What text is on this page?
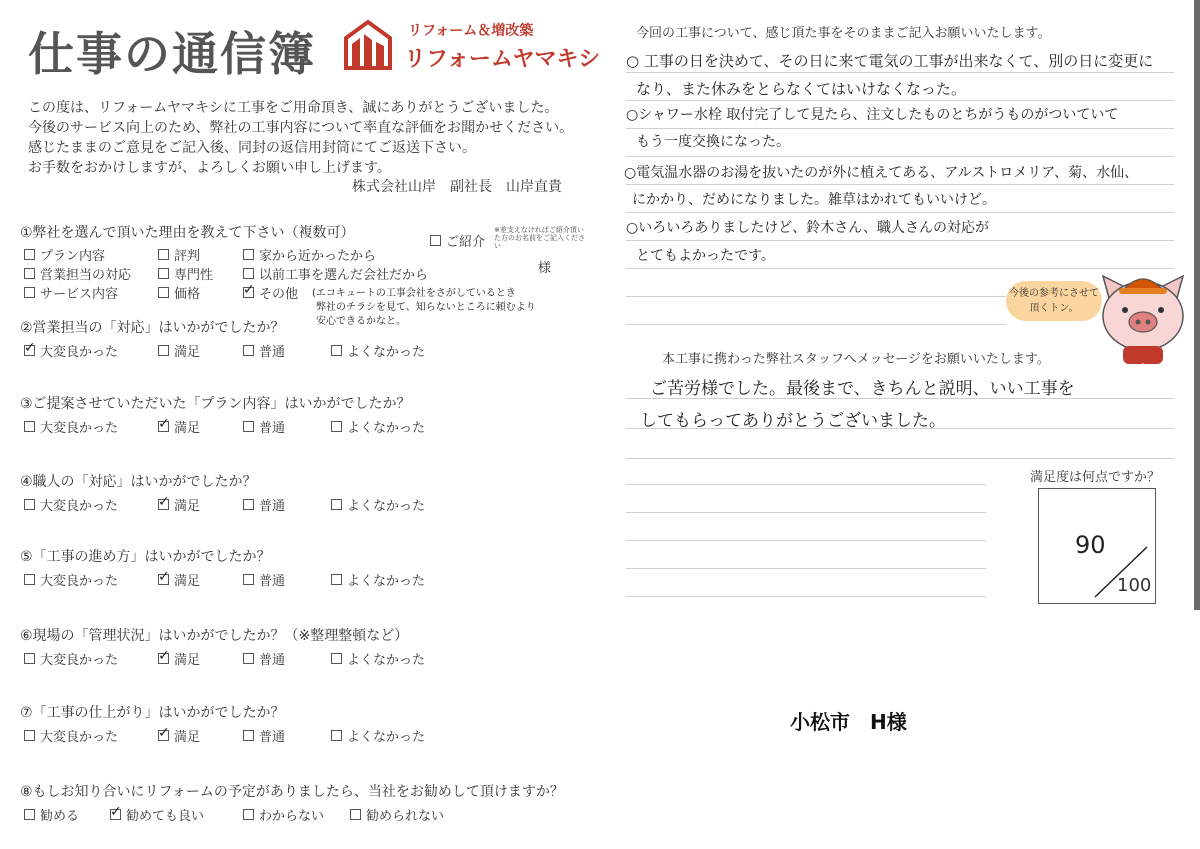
仕事の通信簿	リフォーム＆増改築
リフォームヤマキシ
この度は、リフォームヤマキシに工事をご用命頂き、誠にありがとうございました。
今後のサービス向上のため、弊社の工事内容について率直な評価をお聞かせください。
感じたままのご意見をご記入後、同封の返信用封筒にてご返送下さい。
お手数をおかけしますが、よろしくお願い申し上げます。
株式会社山岸　副社長　山岸直貴
①弊社を選んで頂いた理由を教えて下さい（複数可）
プラン内容	評判	家から近かったから
営業担当の対応	専門性	以前工事を選んだ会社だから
サービス内容	価格 ✓	その他
ご紹介
※差支えなければご紹介頂いた方のお名前をご記入ください
様
(エコキュートの工事会社をさがしているとき
弊社のチラシを見て、知らないところに頼むより
安心できるかなと。
②営業担当の「対応」はいかがでしたか？
✓
大変良かった	満足	普通	よくなかった
③ご提案させていただいた「プラン内容」はいかがでしたか？
大変良かった ✓	満足	普通	よくなかった
④職人の「対応」はいかがでしたか？
大変良かった ✓	満足	普通	よくなかった
⑤「工事の進め方」はいかがでしたか？
大変良かった ✓	満足	普通	よくなかった
⑥現場の「管理状況」はいかがでしたか？（※整理整頓など）
大変良かった ✓	満足	普通	よくなかった
⑦「工事の仕上がり」はいかがでしたか？
大変良かった ✓	満足	普通	よくなかった
⑧もしお知り合いにリフォームの予定がありましたら、当社をお勧めして頂けますか？
勧める ✓	勧めても良い	わからない	勧められない
今回の工事について、感じ頂た事をそのままご記入お願いいたします。
○ 工事の日を決めて、その日に来て電気の工事が出来なくて、別の日に変更に
なり、また休みをとらなくてはいけなくなった。
○シャワー水栓 取付完了して見たら、注文したものとちがうものがついていて
もう一度交換になった。
○電気温水器のお湯を抜いたのが外に植えてある、アルストロメリア、菊、水仙、
にかかり、だめになりました。雑草はかれてもいいけど。
○いろいろありましたけど、鈴木さん、職人さんの対応が
とてもよかったです。
今後の参考にさせて頂くトン。
や
本工事に携わった弊社スタッフへメッセージをお願いいたします。
ご苦労様でした。最後まで、きちんと説明、いい工事を
してもらってありがとうございました。
満足度は何点ですか？
90
100
小松市　H様
